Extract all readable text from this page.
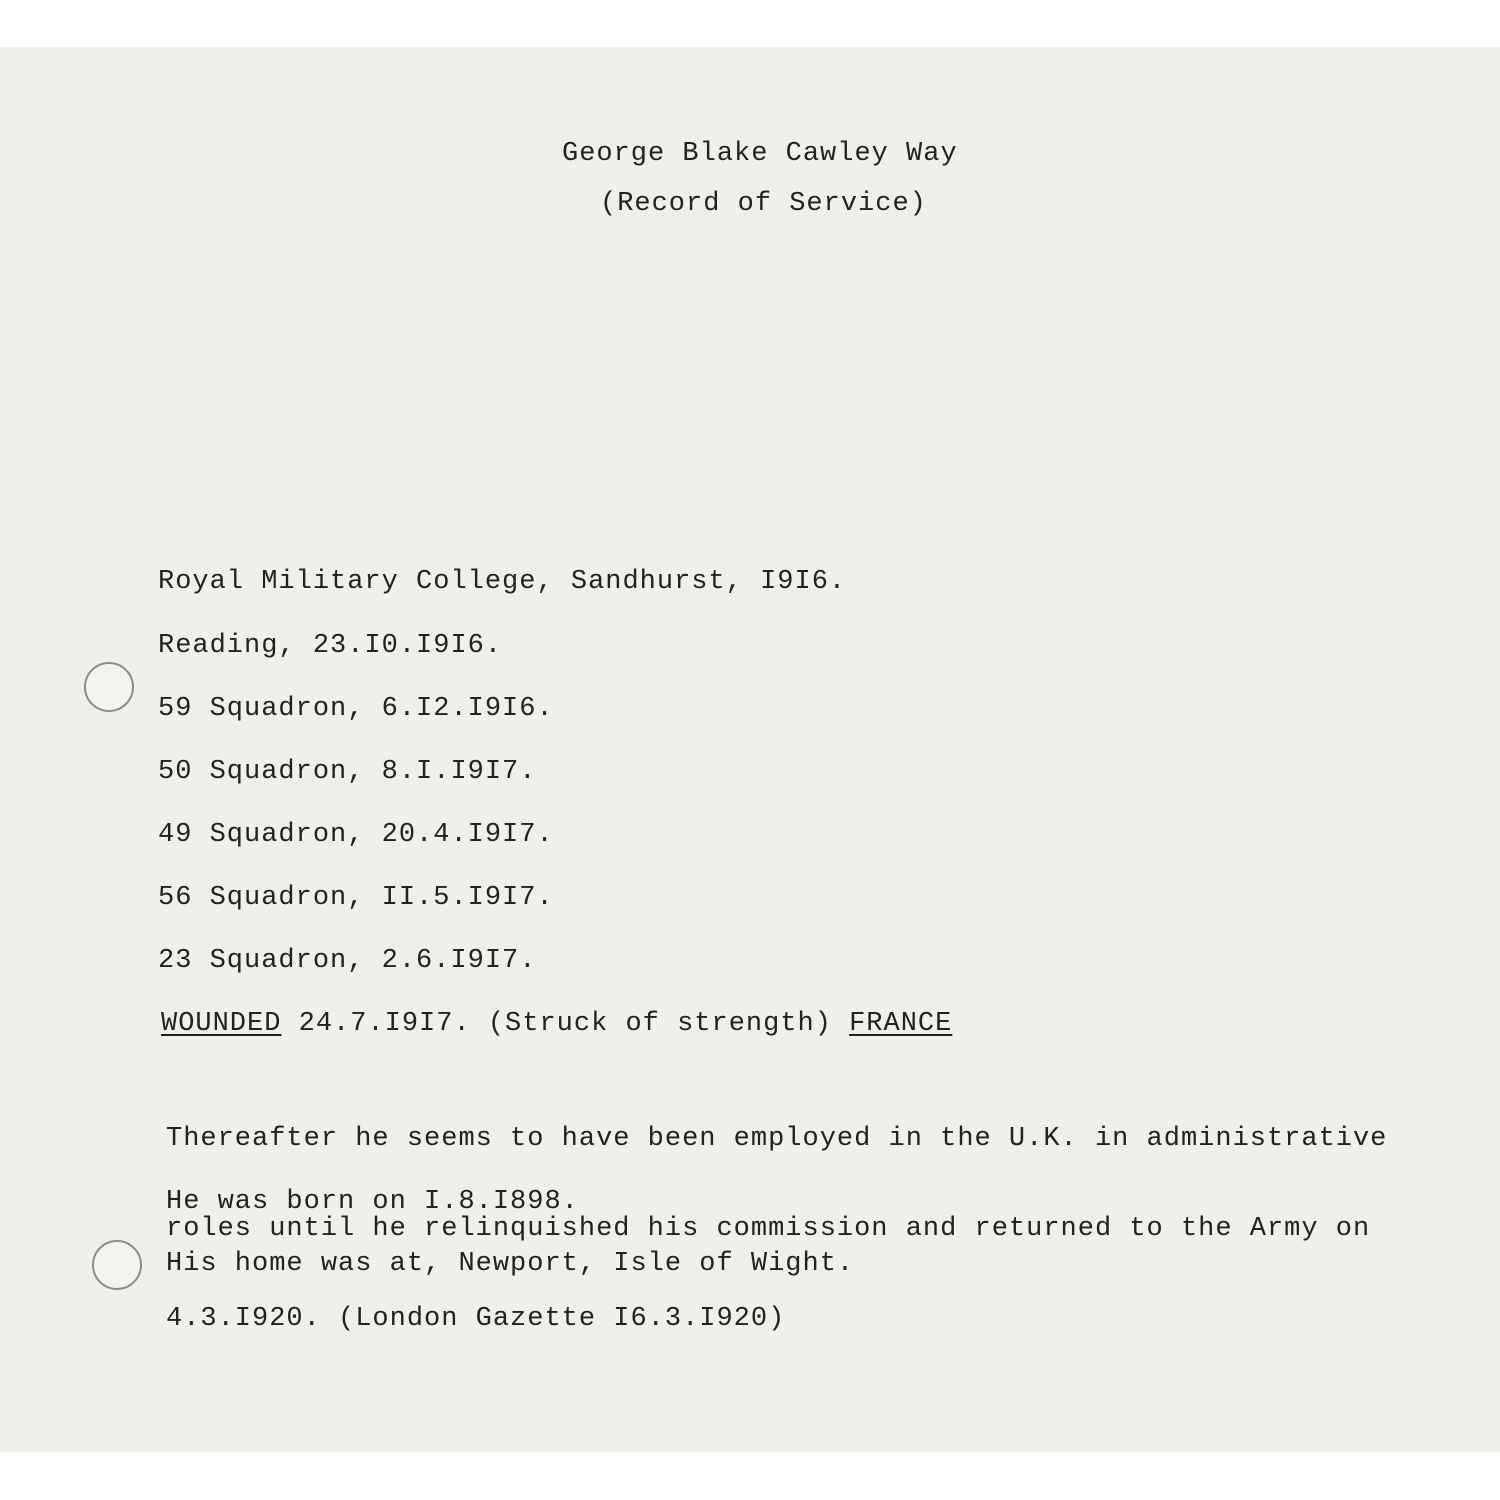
George Blake Cawley Way
(Record of Service)
Royal Military College, Sandhurst, I9I6.
Reading, 23.I0.I9I6.
59 Squadron, 6.I2.I9I6.
50 Squadron, 8.I.I9I7.
49 Squadron, 20.4.I9I7.
56 Squadron, II.5.I9I7.
23 Squadron, 2.6.I9I7.
WOUNDED 24.7.I9I7. (Struck of strength) FRANCE

Thereafter he seems to have been employed in the U.K. in administrative

roles until he relinquished his commission and returned to the Army on

4.3.I920. (London Gazette I6.3.I920)

He was born on I.8.I898.
His home was at, Newport, Isle of Wight.
